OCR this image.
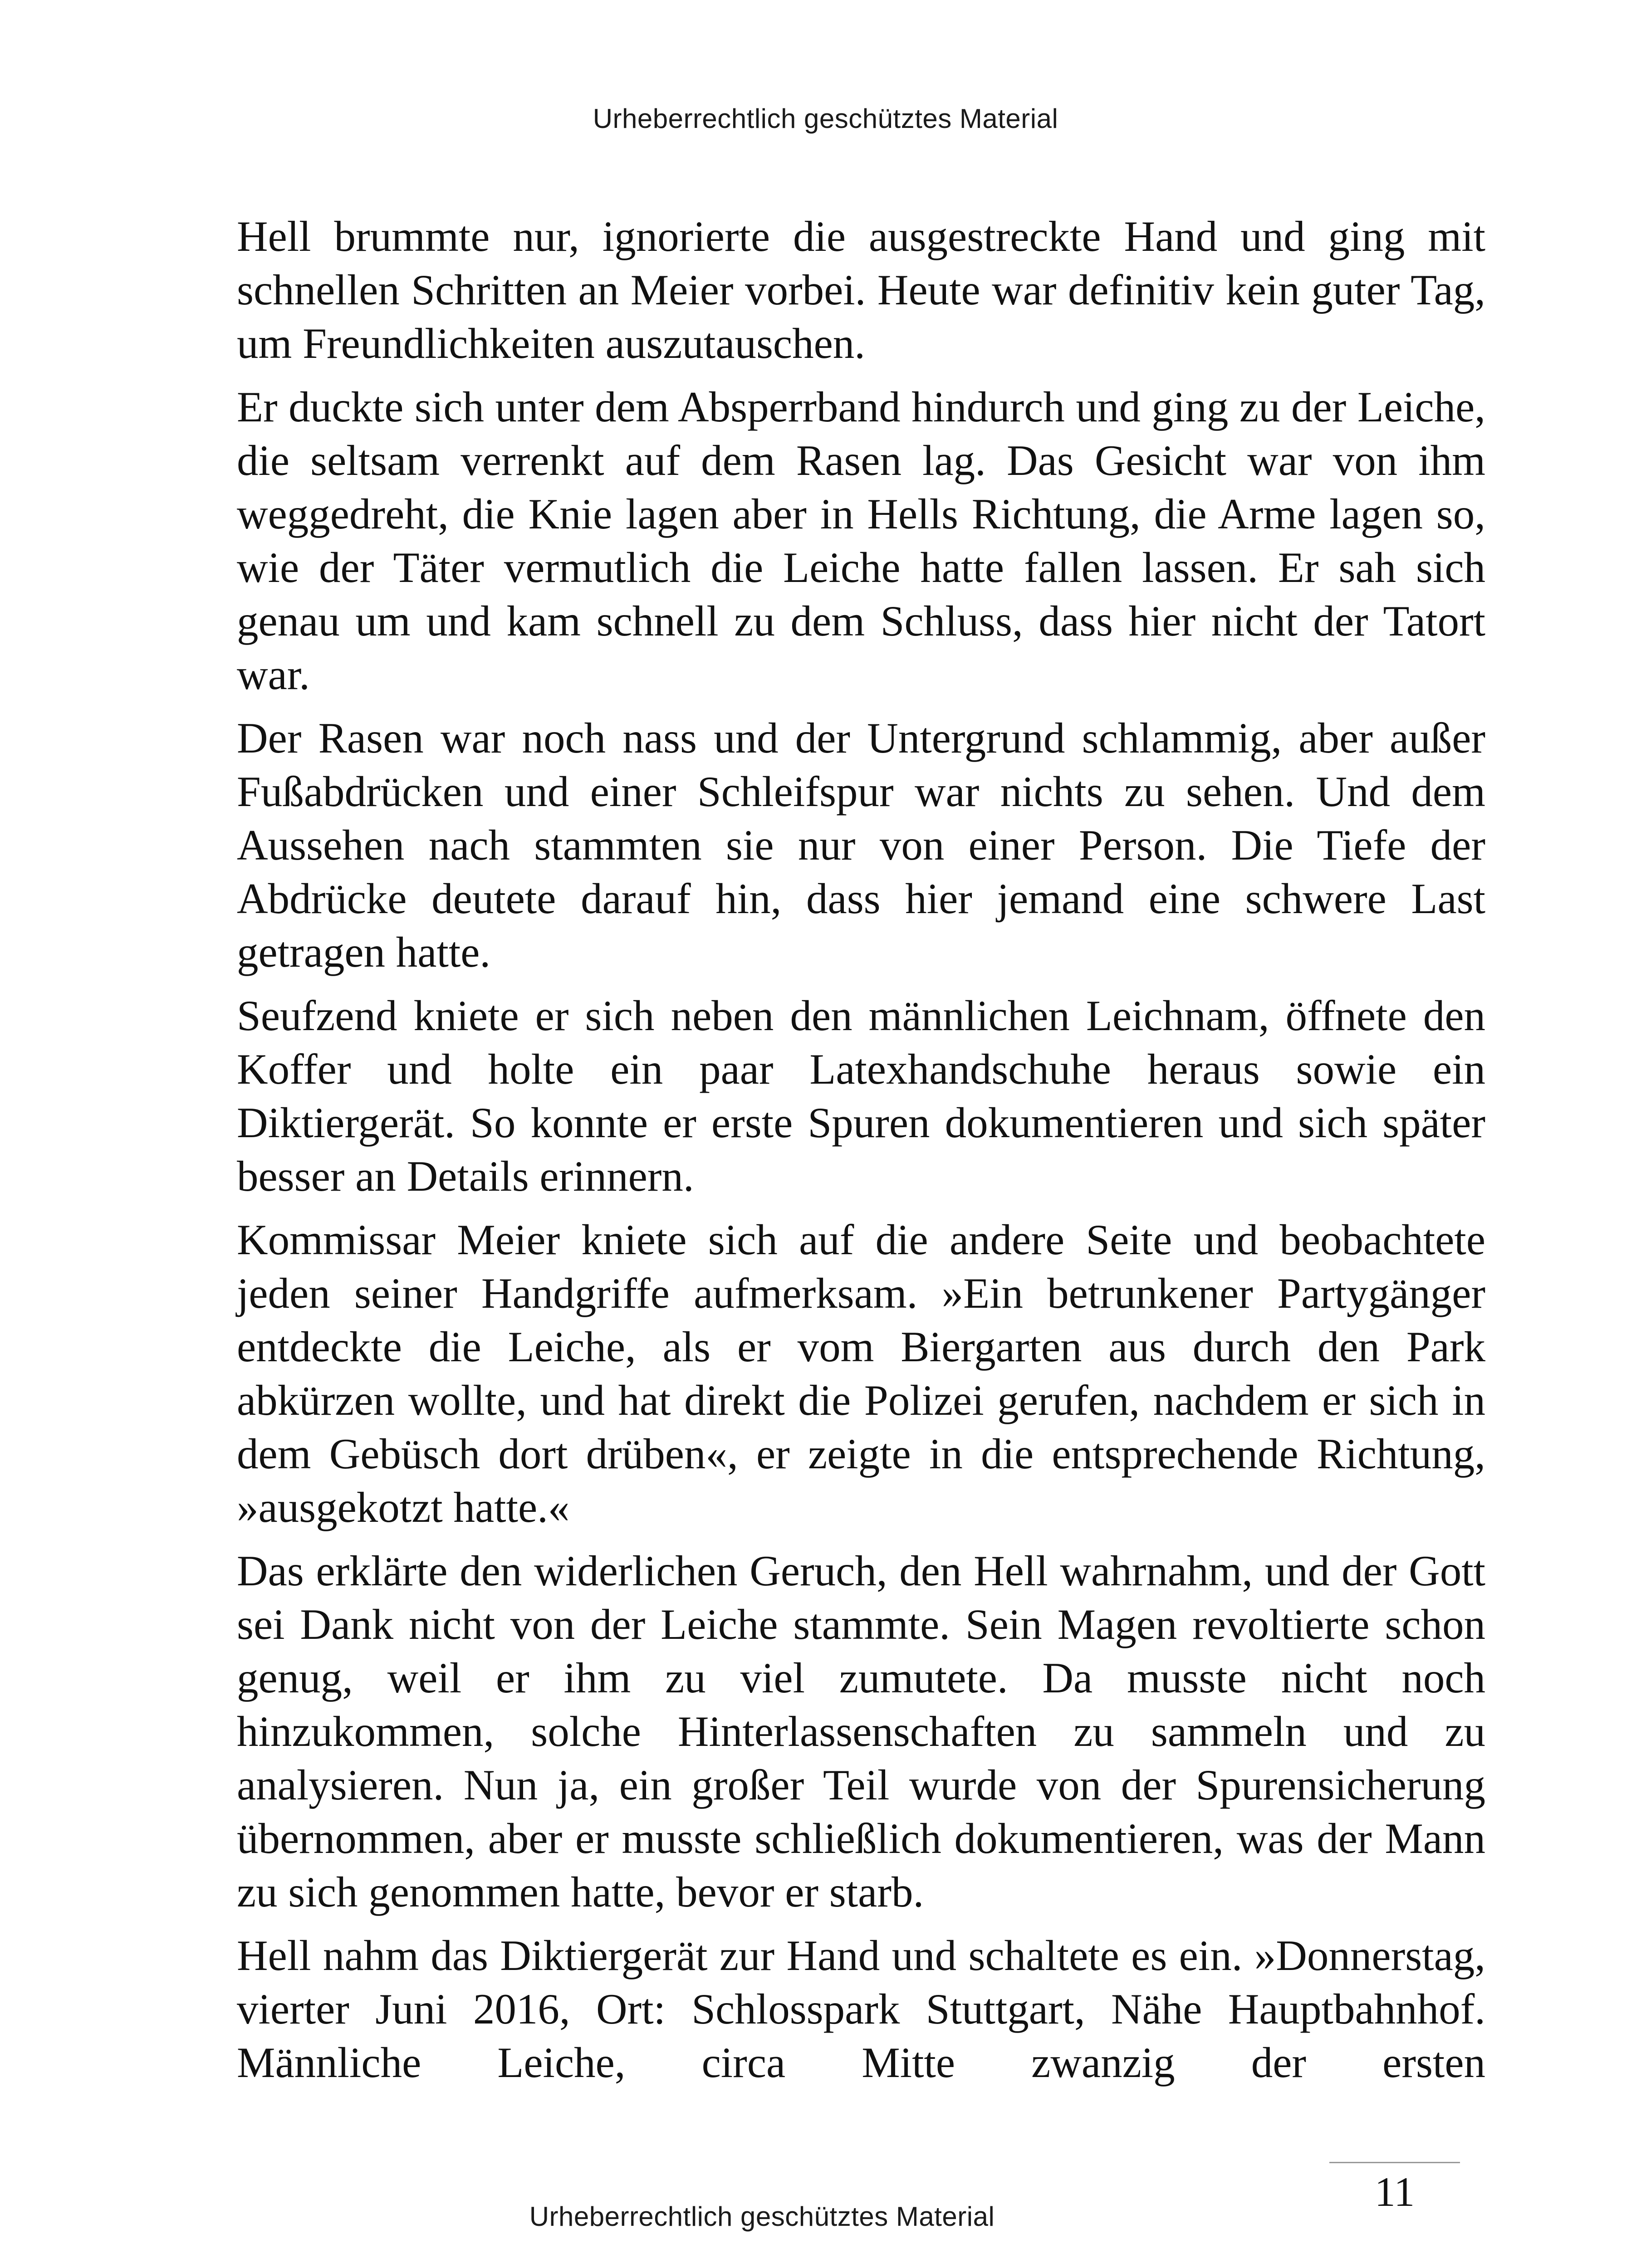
Urheberrechtlich geschütztes Material

Hell brummte nur, ignorierte die ausgestreckte Hand und ging mit schnellen Schritten an Meier vorbei. Heute war definitiv kein guter Tag, um Freundlichkeiten auszutauschen.

Er duckte sich unter dem Absperrband hindurch und ging zu der Leiche, die seltsam verrenkt auf dem Rasen lag. Das Gesicht war von ihm weggedreht, die Knie lagen aber in Hells Richtung, die Arme lagen so, wie der Täter vermutlich die Leiche hatte fallen lassen. Er sah sich genau um und kam schnell zu dem Schluss, dass hier nicht der Tatort war.

Der Rasen war noch nass und der Untergrund schlammig, aber außer Fußabdrücken und einer Schleifspur war nichts zu sehen. Und dem Aussehen nach stammten sie nur von einer Person. Die Tiefe der Abdrücke deutete darauf hin, dass hier jemand eine schwere Last getragen hatte.

Seufzend kniete er sich neben den männlichen Leichnam, öffnete den Koffer und holte ein paar Latexhandschuhe heraus sowie ein Diktiergerät. So konnte er erste Spuren dokumentieren und sich später besser an Details erinnern.

Kommissar Meier kniete sich auf die andere Seite und beobachtete jeden seiner Handgriffe aufmerksam. »Ein betrunkener Partygänger entdeckte die Leiche, als er vom Biergarten aus durch den Park abkürzen wollte, und hat direkt die Polizei gerufen, nachdem er sich in dem Gebüsch dort drüben«, er zeigte in die entsprechende Richtung, »ausgekotzt hatte.«

Das erklärte den widerlichen Geruch, den Hell wahrnahm, und der Gott sei Dank nicht von der Leiche stammte. Sein Magen revoltierte schon genug, weil er ihm zu viel zumutete. Da musste nicht noch hinzukommen, solche Hinterlassenschaften zu sammeln und zu analysieren. Nun ja, ein großer Teil wurde von der Spurensicherung übernommen, aber er musste schließlich dokumentieren, was der Mann zu sich genommen hatte, bevor er starb.

Hell nahm das Diktiergerät zur Hand und schaltete es ein. »Donnerstag, vierter Juni 2016, Ort: Schlosspark Stuttgart, Nähe Hauptbahnhof. Männliche Leiche, circa Mitte zwanzig der ersten

11
Urheberrechtlich geschütztes Material
